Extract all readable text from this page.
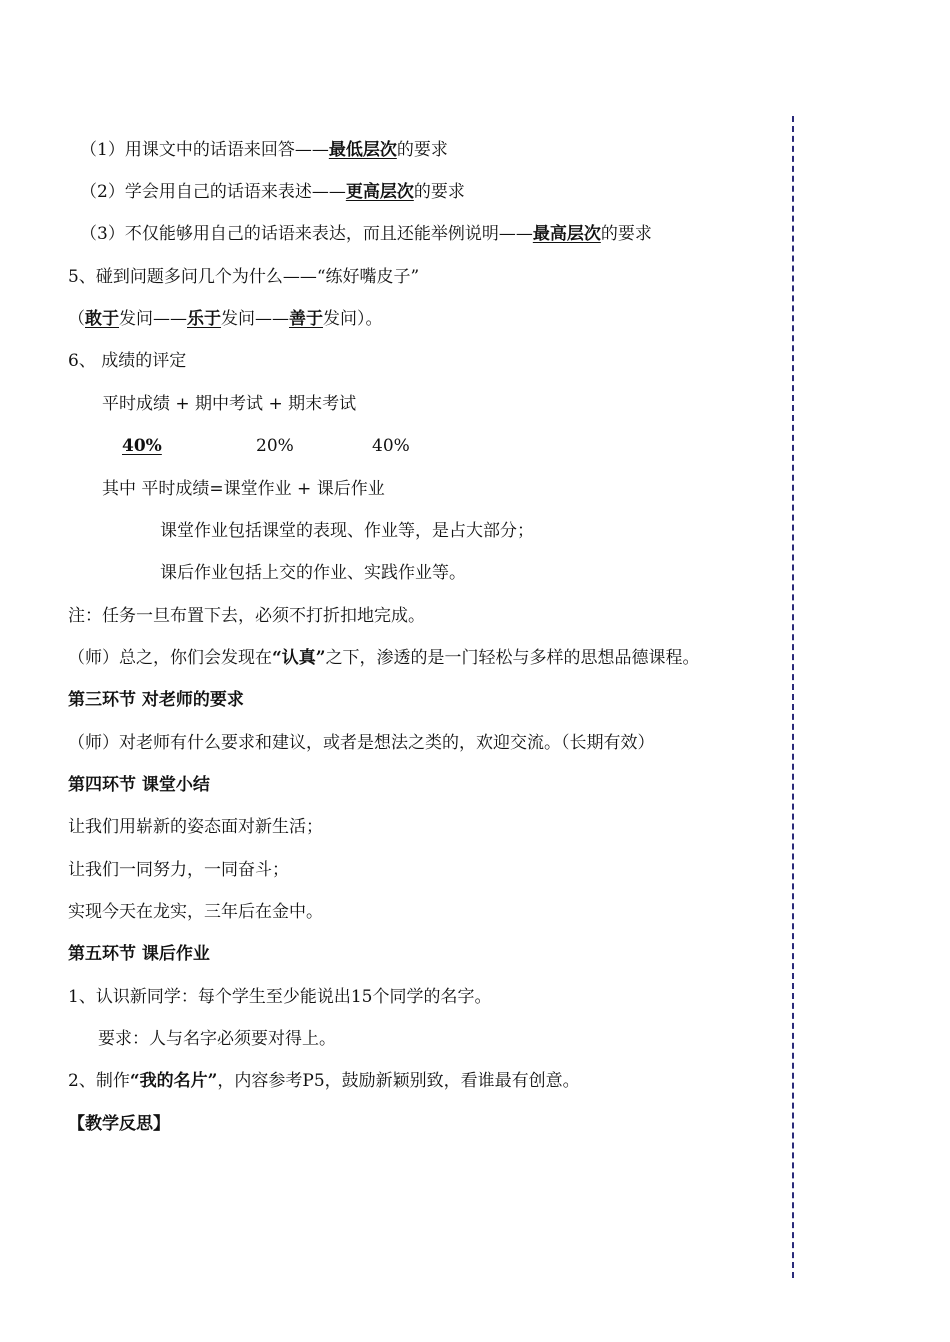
（1）用课文中的话语来回答——最低层次的要求
（2）学会用自己的话语来表述——更高层次的要求
（3）不仅能够用自己的话语来表达，而且还能举例说明——最高层次的要求
5、碰到问题多问几个为什么——“练好嘴皮子”
（敢于发问——乐于发问——善于发问）。
6、 成绩的评定
平时成绩 + 期中考试 + 期末考试
40%	20%	40%
其中 平时成绩=课堂作业 + 课后作业
课堂作业包括课堂的表现、作业等，是占大部分；
课后作业包括上交的作业、实践作业等。
注：任务一旦布置下去，必须不打折扣地完成。
（师）总之，你们会发现在“认真”之下，渗透的是一门轻松与多样的思想品德课程。
第三环节 对老师的要求
（师）对老师有什么要求和建议，或者是想法之类的，欢迎交流。（长期有效）
第四环节 课堂小结
让我们用崭新的姿态面对新生活；
让我们一同努力，一同奋斗；
实现今天在龙实，三年后在金中。
第五环节 课后作业
1、认识新同学：每个学生至少能说出15个同学的名字。
要求：人与名字必须要对得上。
2、制作“我的名片”，内容参考P5，鼓励新颖别致，看谁最有创意。
【教学反思】
